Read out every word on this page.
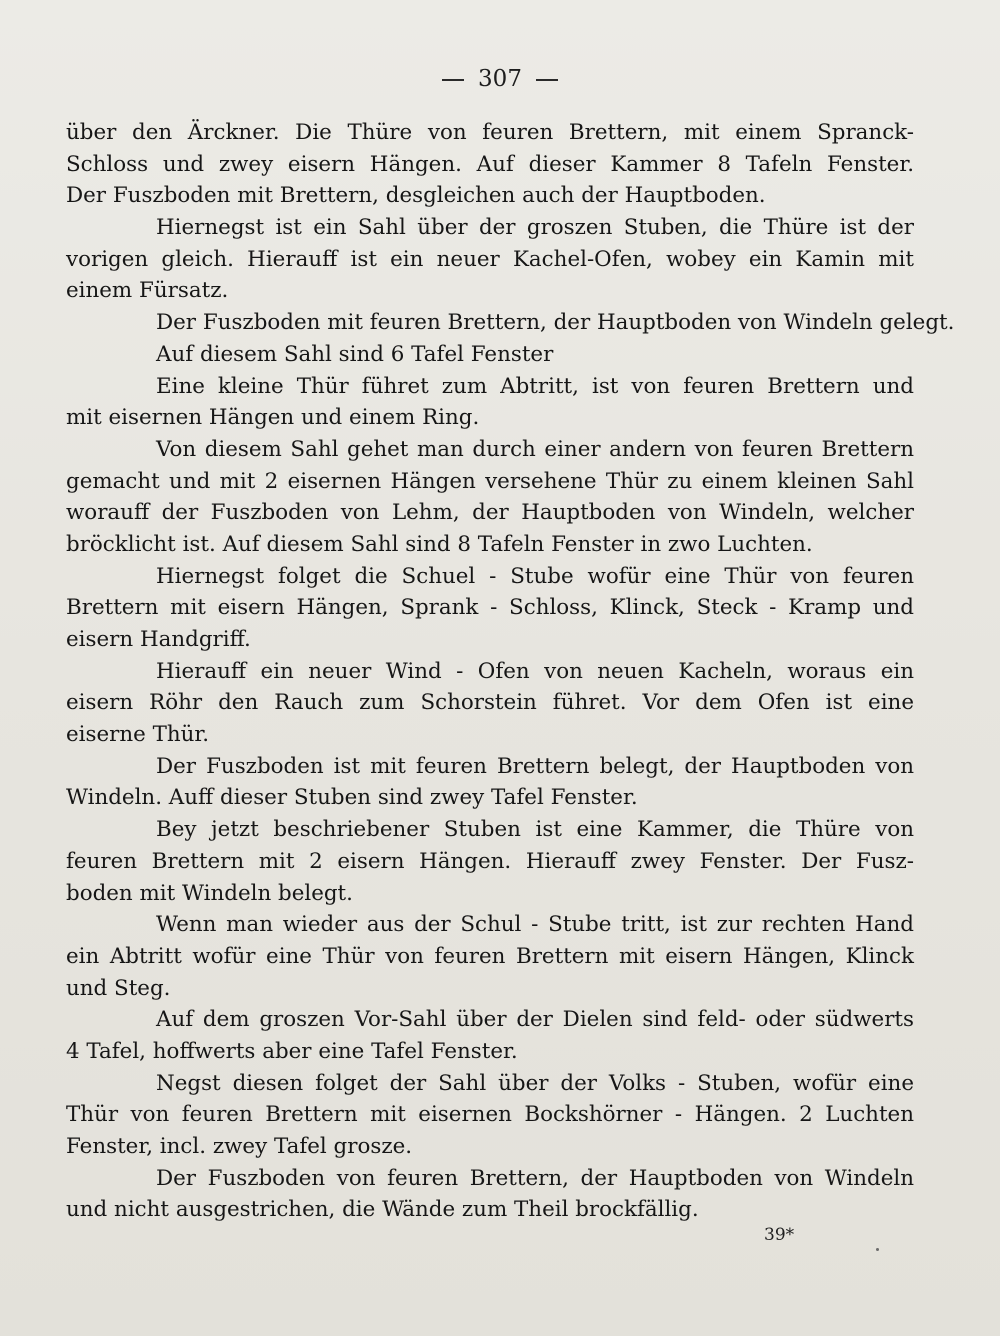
307
über den Ärckner. Die Thüre von feuren Brettern, mit einem Spranck-
Schloss und zwey eisern Hängen. Auf dieser Kammer 8 Tafeln Fenster.
Der Fuszboden mit Brettern, desgleichen auch der Hauptboden.
Hiernegst ist ein Sahl über der groszen Stuben, die Thüre ist der
vorigen gleich. Hierauff ist ein neuer Kachel-Ofen, wobey ein Kamin mit
einem Fürsatz.
Der Fuszboden mit feuren Brettern, der Hauptboden von Windeln gelegt.
Auf diesem Sahl sind 6 Tafel Fenster
Eine kleine Thür führet zum Abtritt, ist von feuren Brettern und
mit eisernen Hängen und einem Ring.
Von diesem Sahl gehet man durch einer andern von feuren Brettern
gemacht und mit 2 eisernen Hängen versehene Thür zu einem kleinen Sahl
worauff der Fuszboden von Lehm, der Hauptboden von Windeln, welcher
bröcklicht ist. Auf diesem Sahl sind 8 Tafeln Fenster in zwo Luchten.
Hiernegst folget die Schuel - Stube wofür eine Thür von feuren
Brettern mit eisern Hängen, Sprank - Schloss, Klinck, Steck - Kramp und
eisern Handgriff.
Hierauff ein neuer Wind - Ofen von neuen Kacheln, woraus ein
eisern Röhr den Rauch zum Schorstein führet. Vor dem Ofen ist eine
eiserne Thür.
Der Fuszboden ist mit feuren Brettern belegt, der Hauptboden von
Windeln. Auff dieser Stuben sind zwey Tafel Fenster.
Bey jetzt beschriebener Stuben ist eine Kammer, die Thüre von
feuren Brettern mit 2 eisern Hängen. Hierauff zwey Fenster. Der Fusz-
boden mit Windeln belegt.
Wenn man wieder aus der Schul - Stube tritt, ist zur rechten Hand
ein Abtritt wofür eine Thür von feuren Brettern mit eisern Hängen, Klinck
und Steg.
Auf dem groszen Vor-Sahl über der Dielen sind feld- oder südwerts
4 Tafel, hoffwerts aber eine Tafel Fenster.
Negst diesen folget der Sahl über der Volks - Stuben, wofür eine
Thür von feuren Brettern mit eisernen Bockshörner - Hängen. 2 Luchten
Fenster, incl. zwey Tafel grosze.
Der Fuszboden von feuren Brettern, der Hauptboden von Windeln
und nicht ausgestrichen, die Wände zum Theil brockfällig.
39*
